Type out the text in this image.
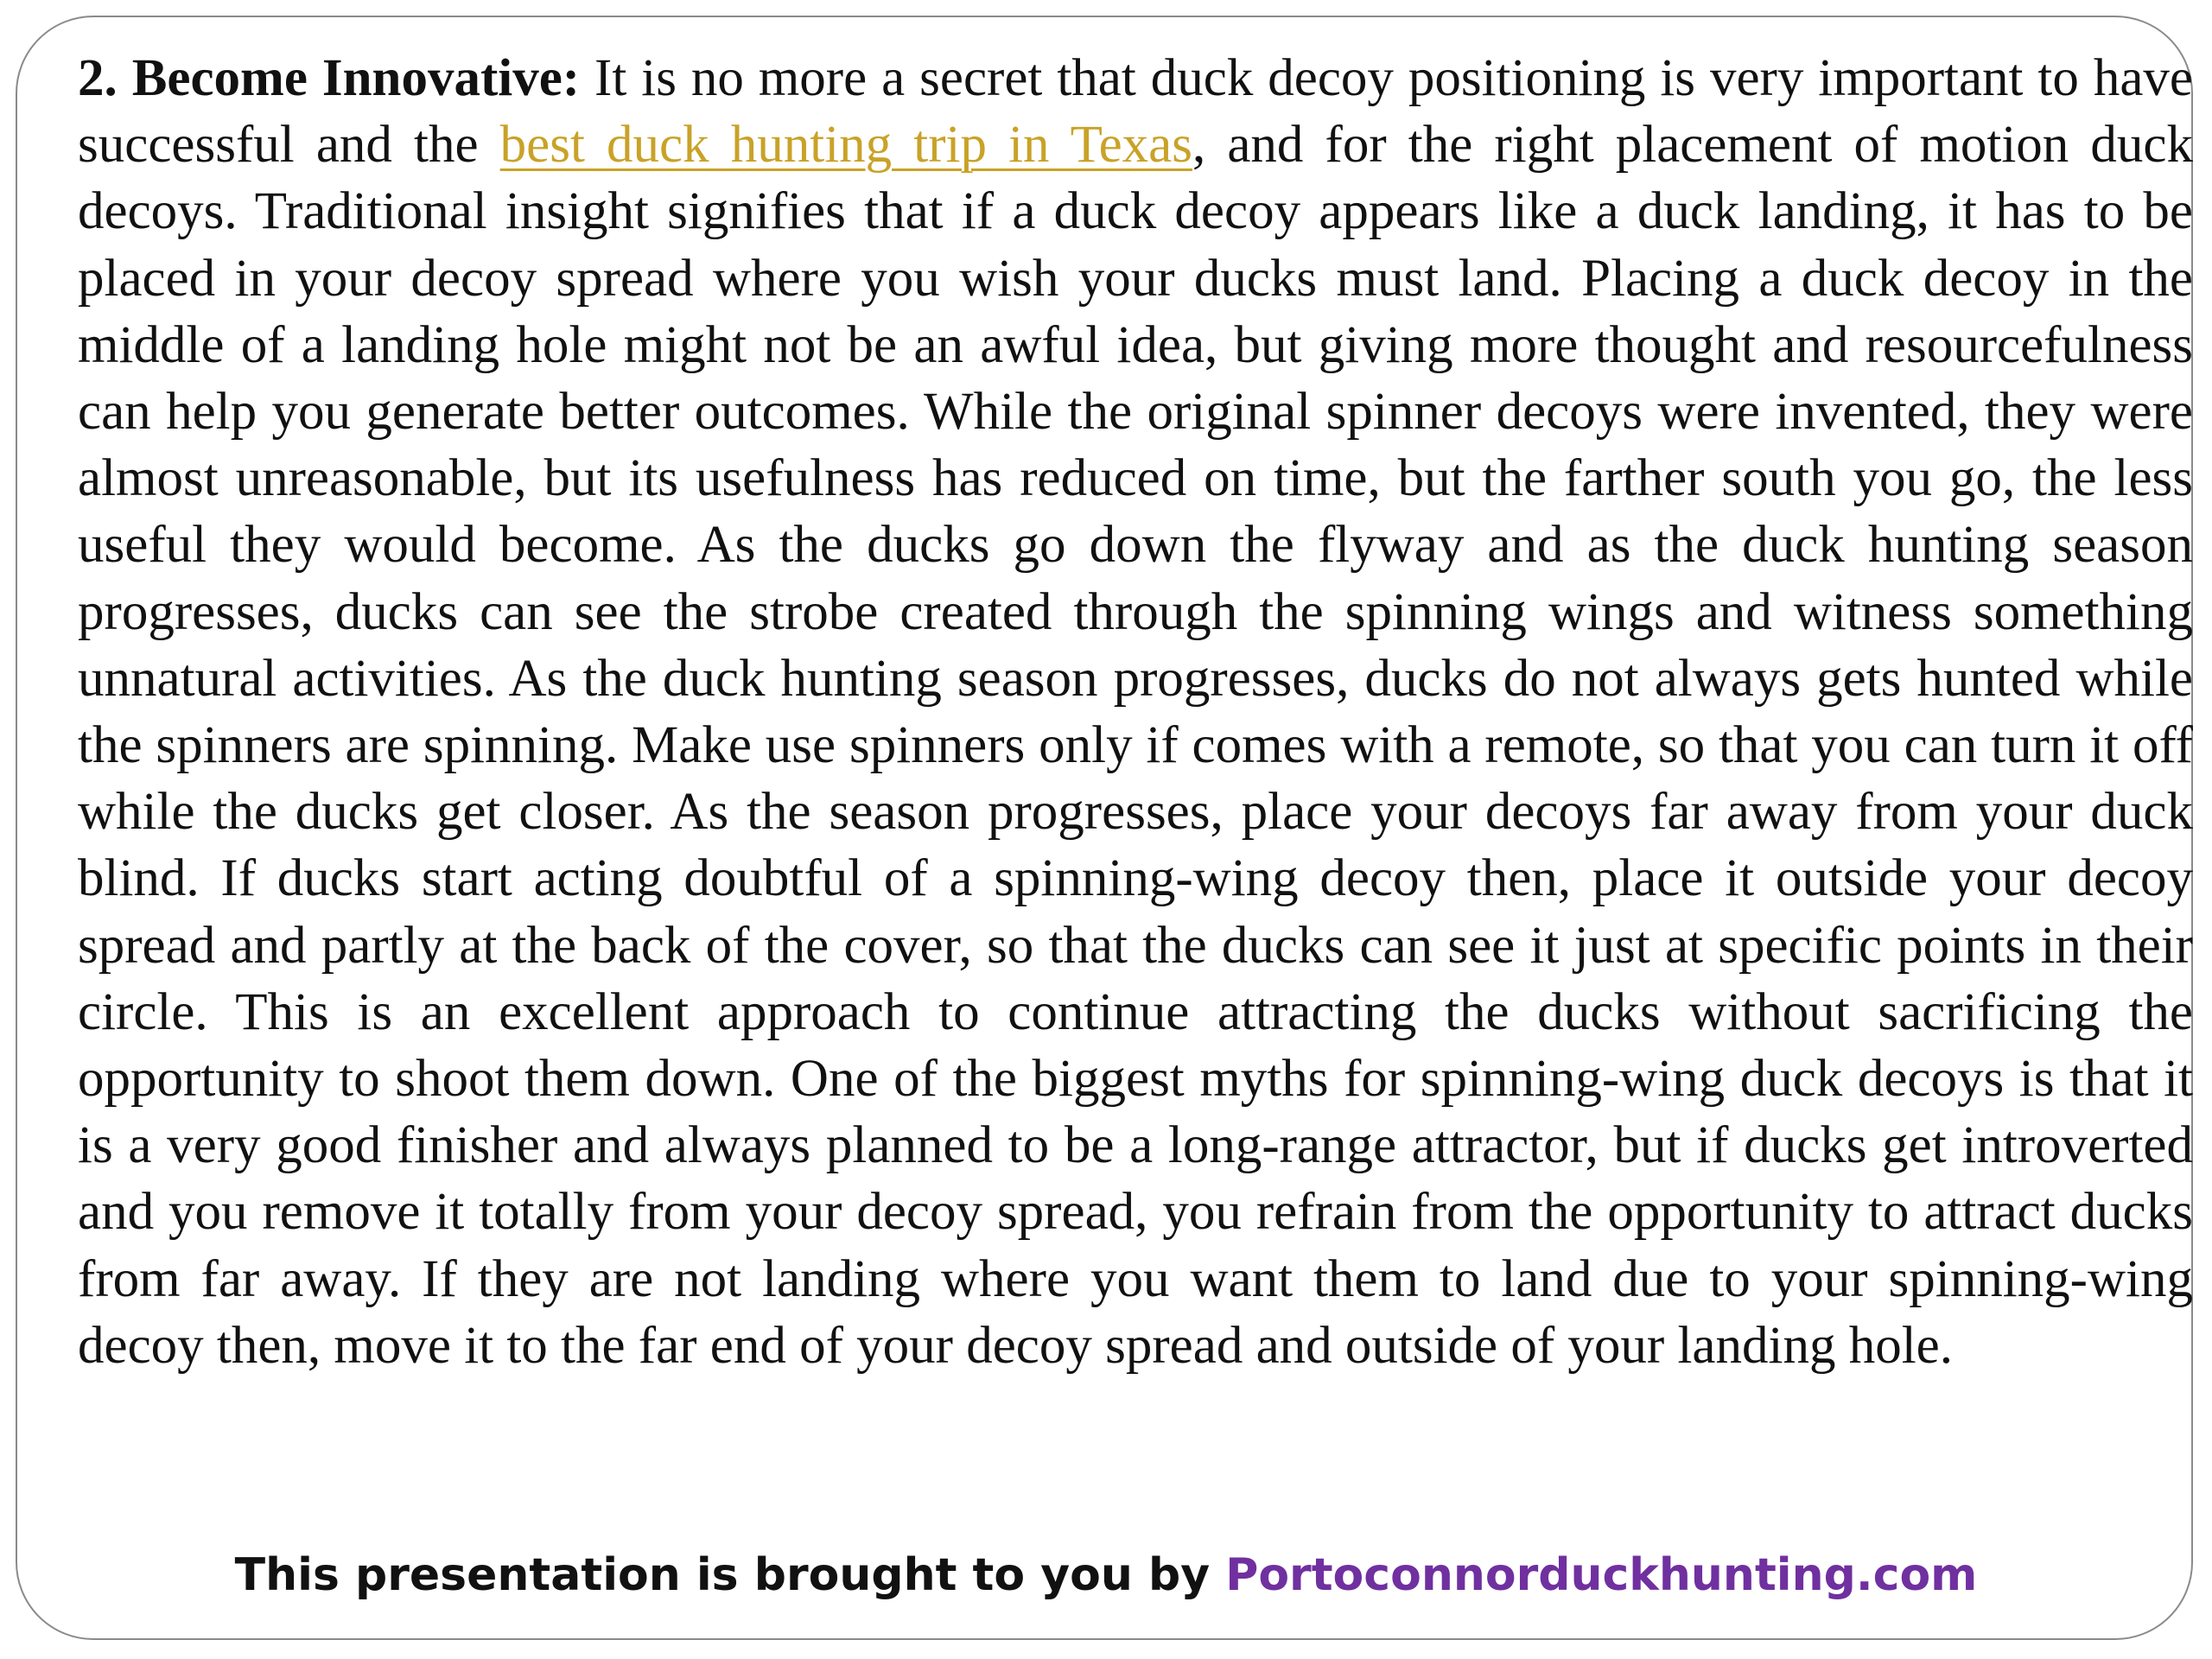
2. Become Innovative: It is no more a secret that duck decoy positioning is very important to have successful and the best duck hunting trip in Texas, and for the right placement of motion duck decoys. Traditional insight signifies that if a duck decoy appears like a duck landing, it has to be placed in your decoy spread where you wish your ducks must land. Placing a duck decoy in the middle of a landing hole might not be an awful idea, but giving more thought and resourcefulness can help you generate better outcomes. While the original spinner decoys were invented, they were almost unreasonable, but its usefulness has reduced on time, but the farther south you go, the less useful they would become. As the ducks go down the flyway and as the duck hunting season progresses, ducks can see the strobe created through the spinning wings and witness something unnatural activities. As the duck hunting season progresses, ducks do not always gets hunted while the spinners are spinning. Make use spinners only if comes with a remote, so that you can turn it off while the ducks get closer. As the season progresses, place your decoys far away from your duck blind. If ducks start acting doubtful of a spinning-wing decoy then, place it outside your decoy spread and partly at the back of the cover, so that the ducks can see it just at specific points in their circle. This is an excellent approach to continue attracting the ducks without sacrificing the opportunity to shoot them down. One of the biggest myths for spinning-wing duck decoys is that it is a very good finisher and always planned to be a long-range attractor, but if ducks get introverted and you remove it totally from your decoy spread, you refrain from the opportunity to attract ducks from far away. If they are not landing where you want them to land due to your spinning-wing decoy then, move it to the far end of your decoy spread and outside of your landing hole.

This presentation is brought to you by Portoconnorduckhunting.com
